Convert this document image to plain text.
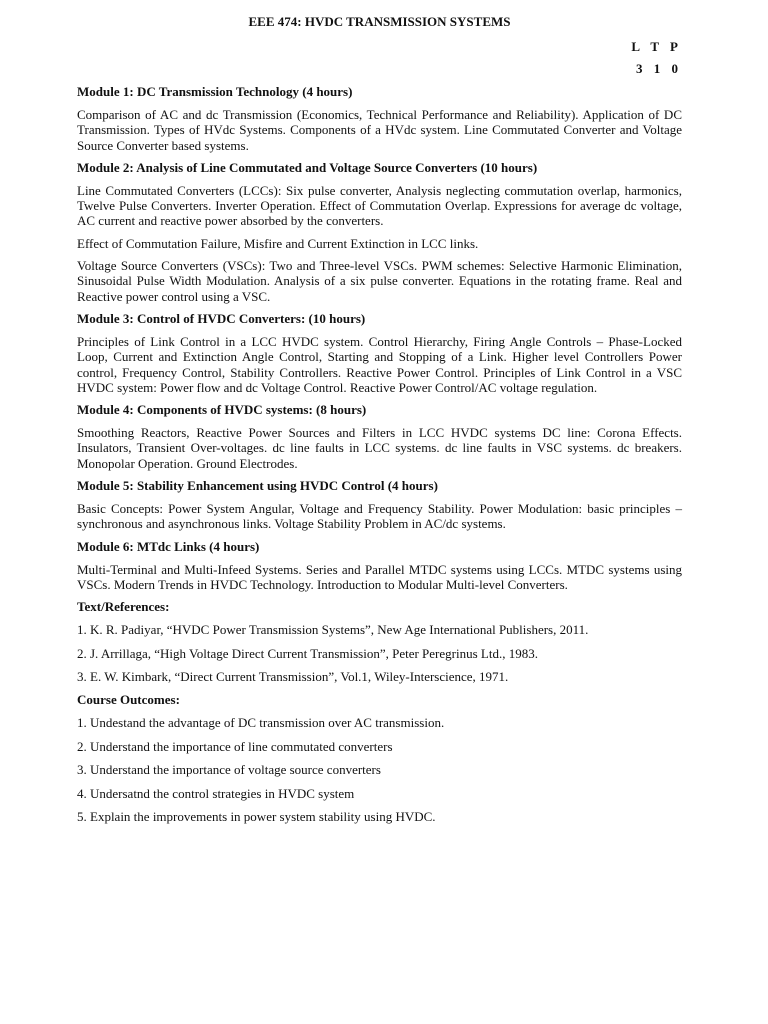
EEE 474: HVDC TRANSMISSION SYSTEMS
L T P
3 1 0
Module 1: DC Transmission Technology (4 hours)
Comparison of AC and dc Transmission (Economics, Technical Performance and Reliability). Application of DC Transmission. Types of HVdc Systems. Components of a HVdc system. Line Commutated Converter and Voltage Source Converter based systems.
Module 2: Analysis of Line Commutated and Voltage Source Converters (10 hours)
Line Commutated Converters (LCCs): Six pulse converter, Analysis neglecting commutation overlap, harmonics, Twelve Pulse Converters. Inverter Operation. Effect of Commutation Overlap. Expressions for average dc voltage, AC current and reactive power absorbed by the converters.
Effect of Commutation Failure, Misfire and Current Extinction in LCC links.
Voltage Source Converters (VSCs): Two and Three-level VSCs. PWM schemes: Selective Harmonic Elimination, Sinusoidal Pulse Width Modulation. Analysis of a six pulse converter. Equations in the rotating frame. Real and Reactive power control using a VSC.
Module 3: Control of HVDC Converters: (10 hours)
Principles of Link Control in a LCC HVDC system. Control Hierarchy, Firing Angle Controls – Phase-Locked Loop, Current and Extinction Angle Control, Starting and Stopping of a Link. Higher level Controllers Power control, Frequency Control, Stability Controllers. Reactive Power Control. Principles of Link Control in a VSC HVDC system: Power flow and dc Voltage Control. Reactive Power Control/AC voltage regulation.
Module 4: Components of HVDC systems: (8 hours)
Smoothing Reactors, Reactive Power Sources and Filters in LCC HVDC systems DC line: Corona Effects. Insulators, Transient Over-voltages. dc line faults in LCC systems. dc line faults in VSC systems. dc breakers. Monopolar Operation. Ground Electrodes.
Module 5: Stability Enhancement using HVDC Control (4 hours)
Basic Concepts: Power System Angular, Voltage and Frequency Stability. Power Modulation: basic principles – synchronous and asynchronous links. Voltage Stability Problem in AC/dc systems.
Module 6: MTdc Links (4 hours)
Multi-Terminal and Multi-Infeed Systems. Series and Parallel MTDC systems using LCCs. MTDC systems using VSCs. Modern Trends in HVDC Technology. Introduction to Modular Multi-level Converters.
Text/References:
1. K. R. Padiyar, “HVDC Power Transmission Systems”, New Age International Publishers, 2011.
2. J. Arrillaga, “High Voltage Direct Current Transmission”, Peter Peregrinus Ltd., 1983.
3. E. W. Kimbark, “Direct Current Transmission”, Vol.1, Wiley-Interscience, 1971.
Course Outcomes:
1. Undestand the advantage of DC transmission over AC transmission.
2. Understand the importance of line commutated converters
3. Understand the importance of voltage source converters
4. Undersatnd the control strategies in HVDC system
5. Explain the improvements in power system stability using HVDC.
